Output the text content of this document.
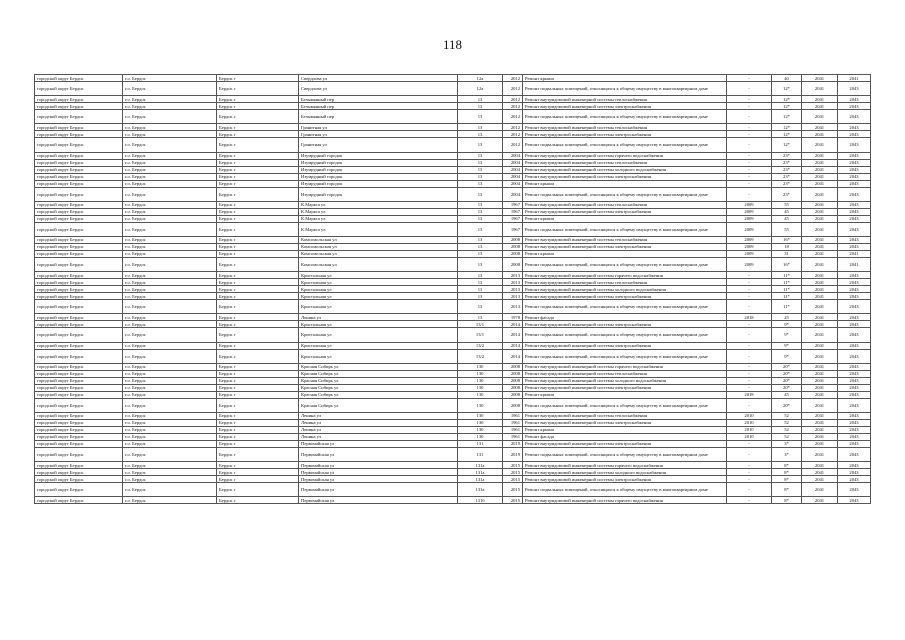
118
городской округ Бердск	г.о. Бердск	Бердск г	Свердлова ул	12а	2012	Ремонт крыши	-	40	2041	2041
городской округ Бердск	г.о. Бердск	Бердск г	Свердлова ул	12а	2012	Ремонт подвальных помещений, относящихся к общему имуществу в многоквартирном доме	-	12*	2041	2043
городской округ Бердск	г.о. Бердск	Бердск г	Безымянный пер	13	2012	Ремонт внутридомовой инженерной системы теплоснабжения	-	12*	2041	2043
городской округ Бердск	г.о. Бердск	Бердск г	Безымянный пер	13	2012	Ремонт внутридомовой инженерной системы электроснабжения	-	12*	2041	2043
городской округ Бердск	г.о. Бердск	Бердск г	Безымянный пер	13	2012	Ремонт подвальных помещений, относящихся к общему имуществу в многоквартирном доме	-	12*	2041	2043
городской округ Бердск	г.о. Бердск	Бердск г	Гранитная ул	13	2012	Ремонт внутридомовой инженерной системы теплоснабжения	-	12*	2041	2043
городской округ Бердск	г.о. Бердск	Бердск г	Гранитная ул	13	2012	Ремонт внутридомовой инженерной системы электроснабжения	-	12*	2041	2043
городской округ Бердск	г.о. Бердск	Бердск г	Гранитная ул	13	2012	Ремонт подвальных помещений, относящихся к общему имуществу в многоквартирном доме	-	12*	2041	2043
городской округ Бердск	г.о. Бердск	Бердск г	Изумрудный городок	13	2004	Ремонт внутридомовой инженерной системы горячего водоснабжения	-	23*	2041	2043
городской округ Бердск	г.о. Бердск	Бердск г	Изумрудный городок	13	2004	Ремонт внутридомовой инженерной системы теплоснабжения	-	23*	2041	2043
городской округ Бердск	г.о. Бердск	Бердск г	Изумрудный городок	13	2004	Ремонт внутридомовой инженерной системы холодного водоснабжения	-	23*	2041	2043
городской округ Бердск	г.о. Бердск	Бердск г	Изумрудный городок	13	2004	Ремонт внутридомовой инженерной системы электроснабжения	-	23*	2041	2043
городской округ Бердск	г.о. Бердск	Бердск г	Изумрудный городок	13	2004	Ремонт крыши	-	23*	2041	2043
городской округ Бердск	г.о. Бердск	Бердск г	Изумрудный городок	13	2004	Ремонт подвальных помещений, относящихся к общему имуществу в многоквартирном доме	-	23*	2041	2043
городской округ Бердск	г.о. Бердск	Бердск г	К.Маркса ул	13	1967	Ремонт внутридомовой инженерной системы теплоснабжения	2009	55	2041	2043
городской округ Бердск	г.о. Бердск	Бердск г	К.Маркса ул	13	1967	Ремонт внутридомовой инженерной системы электроснабжения	2009	45	2041	2043
городской округ Бердск	г.о. Бердск	Бердск г	К.Маркса ул	13	1967	Ремонт крыши	2009	45	2041	2043
городской округ Бердск	г.о. Бердск	Бердск г	К.Маркса ул	13	1967	Ремонт подвальных помещений, относящихся к общему имуществу в многоквартирном доме	2009	55	2041	2043
городской округ Бердск	г.о. Бердск	Бердск г	Комсомольская ул	13	2008	Ремонт внутридомовой инженерной системы теплоснабжения	2009	16*	2041	2043
городской округ Бердск	г.о. Бердск	Бердск г	Комсомольская ул	13	2008	Ремонт внутридомовой инженерной системы электроснабжения	2009	18	2041	2043
городской округ Бердск	г.о. Бердск	Бердск г	Комсомольская ул	13	2008	Ремонт крыши	2009	31	2041	2041
городской округ Бердск	г.о. Бердск	Бердск г	Комсомольская ул	13	2008	Ремонт подвальных помещений, относящихся к общему имуществу в многоквартирном доме	2009	16*	2041	2041
городской округ Бердск	г.о. Бердск	Бердск г	Кристальная ул	13	2013	Ремонт внутридомовой инженерной системы горячего водоснабжения	-	11*	2041	2043
городской округ Бердск	г.о. Бердск	Бердск г	Кристальная ул	13	2013	Ремонт внутридомовой инженерной системы теплоснабжения	-	11*	2041	2043
городской округ Бердск	г.о. Бердск	Бердск г	Кристальная ул	13	2013	Ремонт внутридомовой инженерной системы холодного водоснабжения	-	11*	2041	2043
городской округ Бердск	г.о. Бердск	Бердск г	Кристальная ул	13	2013	Ремонт внутридомовой инженерной системы электроснабжения	-	11*	2041	2043
городской округ Бердск	г.о. Бердск	Бердск г	Кристальная ул	13	2013	Ремонт подвальных помещений, относящихся к общему имуществу в многоквартирном доме	-	11*	2041	2043
городской округ Бердск	г.о. Бердск	Бердск г	Ленина ул	13	1978	Ремонт фасада	2018	25	2041	2043
городской округ Бердск	г.о. Бердск	Бердск г	Кристальная ул	13/1	2014	Ремонт внутридомовой инженерной системы электроснабжения	-	9*	2041	2043
городской округ Бердск	г.о. Бердск	Бердск г	Кристальная ул	13/1	2014	Ремонт подвальных помещений, относящихся к общему имуществу в многоквартирном доме	-	9*	2041	2043
городской округ Бердск	г.о. Бердск	Бердск г	Кристальная ул	13/2	2014	Ремонт внутридомовой инженерной системы электроснабжения	-	9*	2041	2043
городской округ Бердск	г.о. Бердск	Бердск г	Кристальная ул	13/2	2014	Ремонт подвальных помещений, относящихся к общему имуществу в многоквартирном доме	-	9*	2041	2043
городской округ Бердск	г.о. Бердск	Бердск г	Красная Сибирь ул	130	2008	Ремонт внутридомовой инженерной системы горячего водоснабжения	-	20*	2041	2043
городской округ Бердск	г.о. Бердск	Бердск г	Красная Сибирь ул	130	2008	Ремонт внутридомовой инженерной системы теплоснабжения	-	20*	2041	2043
городской округ Бердск	г.о. Бердск	Бердск г	Красная Сибирь ул	130	2008	Ремонт внутридомовой инженерной системы холодного водоснабжения	-	20*	2041	2043
городской округ Бердск	г.о. Бердск	Бердск г	Красная Сибирь ул	130	2008	Ремонт внутридомовой инженерной системы электроснабжения	-	20*	2041	2043
городской округ Бердск	г.о. Бердск	Бердск г	Красная Сибирь ул	130	2008	Ремонт крыши	2018	45	2041	2043
городской округ Бердск	г.о. Бердск	Бердск г	Красная Сибирь ул	130	2008	Ремонт подвальных помещений, относящихся к общему имуществу в многоквартирном доме	-	20*	2041	2043
городской округ Бердск	г.о. Бердск	Бердск г	Ленина ул	130	1961	Ремонт внутридомовой инженерной системы теплоснабжения	2010	52	2041	2043
городской округ Бердск	г.о. Бердск	Бердск г	Ленина ул	130	1961	Ремонт внутридомовой инженерной системы электроснабжения	2010	52	2041	2043
городской округ Бердск	г.о. Бердск	Бердск г	Ленина ул	130	1961	Ремонт крыши	2010	52	2041	2043
городской округ Бердск	г.о. Бердск	Бердск г	Ленина ул	130	1961	Ремонт фасада	2010	52	2041	2043
городской округ Бердск	г.о. Бердск	Бердск г	Первомайская ул	131	2019	Ремонт внутридомовой инженерной системы электроснабжения	-	3*	2041	2043
городской округ Бердск	г.о. Бердск	Бердск г	Первомайская ул	131	2019	Ремонт подвальных помещений, относящихся к общему имуществу в многоквартирном доме	-	3*	2041	2043
городской округ Бердск	г.о. Бердск	Бердск г	Первомайская ул	131а	2015	Ремонт внутридомовой инженерной системы горячего водоснабжения	-	8*	2041	2043
городской округ Бердск	г.о. Бердск	Бердск г	Первомайская ул	131а	2015	Ремонт внутридомовой инженерной системы холодного водоснабжения	-	8*	2041	2043
городской округ Бердск	г.о. Бердск	Бердск г	Первомайская ул	131а	2015	Ремонт внутридомовой инженерной системы электроснабжения	-	8*	2041	2043
городской округ Бердск	г.о. Бердск	Бердск г	Первомайская ул	131а	2015	Ремонт подвальных помещений, относящихся к общему имуществу в многоквартирном доме	-	8*	2041	2043
городской округ Бердск	г.о. Бердск	Бердск г	Первомайская ул	131б	2015	Ремонт внутридомовой инженерной системы горячего водоснабжения	-	8*	2041	2043
